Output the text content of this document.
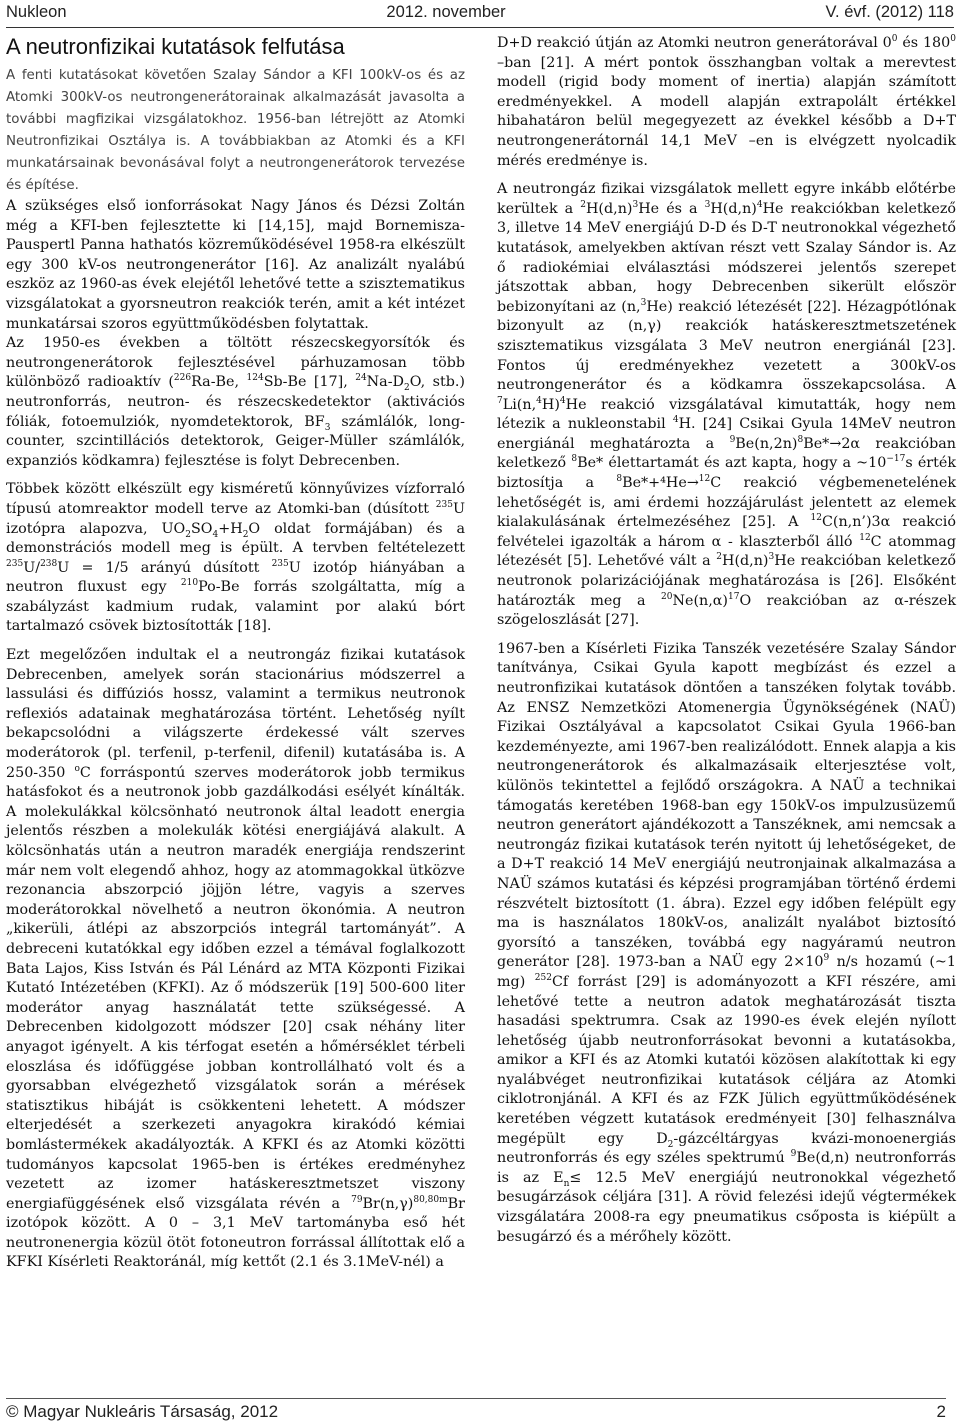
Nukleon	2012. november	V. évf. (2012) 118
A neutronfizikai kutatások felfutása

A fenti kutatásokat követően Szalay Sándor a KFI 100kV-os és az Atomki 300kV-os neutrongenerátorainak alkalmazását javasolta a további magfizikai vizsgálatokhoz. 1956-ban létrejött az Atomki Neutronfizikai Osztálya is. A továbbiakban az Atomki és a KFI munkatársainak bevonásával folyt a neutrongenerátorok tervezése és építése.

A szükséges első ionforrásokat Nagy János és Dézsi Zoltán még a KFI-ben fejlesztette ki [14,15], majd Bornemisza-Pauspertl Panna hathatós közreműködésével 1958-ra elkészült egy 300 kV-os neutrongenerátor [16]. Az analizált nyalábú eszköz az 1960-as évek elejétől lehetővé tette a szisztematikus vizsgálatokat a gyorsneutron reakciók terén, amit a két intézet munkatársai szoros együttműködésben folytattak.

Az 1950-es években a töltött részecskegyorsítók és neutrongenerátorok fejlesztésével párhuzamosan több különböző radioaktív ($^{226}$Ra-Be, $^{124}$Sb-Be [17], $^{24}Na-D_2O$, stb.) neutronforrás, neutron- és részecskedetektor (aktivációs fóliák, fotoemulziók, nyomdetektorok, $BF_3$ számlálók, long-counter, szcintillációs detektorok, Geiger-Müller számlálók, expanziós ködkamra) fejlesztése is folyt Debrecenben.

Többek között elkészült egy kisméretű könnyűvizes vízforraló típusú atomreaktor modell terve az Atomki-ban (dúsított $^{235}$U izotópra alapozva, $UO_2SO_4+H_2O$ oldat formájában) és a demonstrációs modell meg is épült. A tervben feltételezett $^{235}$U/$^{238}$U = 1/5 arányú dúsított $^{235}$U izotóp hiányában a neutron fluxust egy $^{210}$Po-Be forrás szolgáltatta, míg a szabályzást kadmium rudak, valamint por alakú bórt tartalmazó csövek biztosították [18].

Ezt megelőzően indultak el a neutrongáz fizikai kutatások Debrecenben, amelyek során stacionárius módszerrel a lassulási és diffúziós hossz, valamint a termikus neutronok reflexiós adatainak meghatározása történt. Lehetőség nyílt bekapcsolódni a világszerte érdekessé vált szerves moderátorok (pl. terfenil, p-terfenil, difenil) kutatásába is. A 250-350 $^o$C forráspontú szerves moderátorok jobb termikus hatásfokot és a neutronok jobb gazdálkodási esélyét kínálták. A molekulákkal kölcsönható neutronok által leadott energia jelentős részben a molekulák kötési energiájává alakult. A kölcsönhatás után a neutron maradék energiája rendszerint már nem volt elegendő ahhoz, hogy az atommagokkal ütközve rezonancia abszorpció jöjjön létre, vagyis a szerves moderátorokkal növelhető a neutron ökonómia. A neutron „kikerüli, átlépi az abszorpciós integrál tartományát”. A debreceni kutatókkal egy időben ezzel a témával foglalkozott Bata Lajos, Kiss István és Pál Lénárd az MTA Központi Fizikai Kutató Intézetében (KFKI). Az ő módszerük [19] 500-600 liter moderátor anyag használatát tette szükségessé. A Debrecenben kidolgozott módszer [20] csak néhány liter anyagot igényelt. A kis térfogat esetén a hőmérséklet térbeli eloszlása és időfüggése jobban kontrollálható volt és a gyorsabban elvégezhető vizsgálatok során a mérések statisztikus hibáját is csökkenteni lehetett. A módszer elterjedését a szerkezeti anyagokra kirakódó kémiai bomlástermékek akadályozták. A KFKI és az Atomki közötti tudományos kapcsolat 1965-ben is értékes eredményhez vezetett az izomer hatáskeresztmetszet viszony energiafüggésének első vizsgálata révén a $^{79}Br(n,\gamma)^{80,80m}Br$ izotópok között. A 0 – 3,1 MeV tartományba eső hét neutronenergia közül ötöt fotoneutron forrással állítottak elő a KFKI Kísérleti Reaktoránál, míg kettőt (2.1 és 3.1MeV-nél) a

D+D reakció útján az Atomki neutron generátorával $0^0$ és $180^0$ –ban [21]. A mért pontok összhangban voltak a merevtest modell (rigid body moment of inertia) alapján számított eredményekkel. A modell alapján extrapolált értékkel hibahatáron belül megegyezett az évekkel később a D+T neutrongenerátornál 14,1 MeV –en is elvégzett nyolcadik mérés eredménye is.

A neutrongáz fizikai vizsgálatok mellett egyre inkább előtérbe kerültek a $^2H(d,n)^3He$ és a $^3H(d,n)^4He$ reakciókban keletkező 3, illetve 14 MeV energiájú D-D és D-T neutronokkal végezhető kutatások, amelyekben aktívan részt vett Szalay Sándor is. Az ő radiokémiai elválasztási módszerei jelentős szerepet játszottak abban, hogy Debrecenben sikerült először bebizonyítani az (n,$^3$He) reakció létezését [22]. Hézagpótlónak bizonyult az (n,γ) reakciók hatáskeresztmetszetének szisztematikus vizsgálata 3 MeV neutron energiánál [23]. Fontos új eredményekhez vezetett a 300kV-os neutrongenerátor és a ködkamra összekapcsolása. A $^7Li(n,^4H)^4He$ reakció vizsgálatával kimutatták, hogy nem létezik a nukleonstabil $^4$H. [24] Csikai Gyula 14MeV neutron energiánál meghatározta a $^9Be(n,2n)^8Be*\to 2\alpha$ reakcióban keletkező $^8$Be* élettartamát és azt kapta, hogy a $\sim 10^{-17}s$ érték biztosítja a $^8$Be*+⁴He→$^{12}$C reakció végbemenetelének lehetőségét is, ami érdemi hozzájárulást jelentett az elemek kialakulásának értelmezéséhez [25]. A $^{12}$C(n,n’)3α reakció felvételei igazolták a három α - klaszterből álló $^{12}$C atommag létezését [5]. Lehetővé vált a $^2H(d,n)^3He$ reakcióban keletkező neutronok polarizációjának meghatározása is [26]. Elsőként határozták meg a $^{20}Ne(n,\alpha)^{17}O$ reakcióban az α-részek szögeloszlását [27].

1967-ben a Kísérleti Fizika Tanszék vezetésére Szalay Sándor tanítványa, Csikai Gyula kapott megbízást és ezzel a neutronfizikai kutatások döntően a tanszéken folytak tovább. Az ENSZ Nemzetközi Atomenergia Ügynökségének (NAÜ) Fizikai Osztályával a kapcsolatot Csikai Gyula 1966-ban kezdeményezte, ami 1967-ben realizálódott. Ennek alapja a kis neutrongenerátorok és alkalmazásaik elterjesztése volt, különös tekintettel a fejlődő országokra. A NAÜ a technikai támogatás keretében 1968-ban egy 150kV-os impulzusüzemű neutron generátort ajándékozott a Tanszéknek, ami nemcsak a neutrongáz fizikai kutatások terén nyitott új lehetőségeket, de a D+T reakció 14 MeV energiájú neutronjainak alkalmazása a NAÜ számos kutatási és képzési programjában történő érdemi részvételt biztosított (1. ábra). Ezzel egy időben felépült egy ma is használatos 180kV-os, analizált nyalábot biztosító gyorsító a tanszéken, továbbá egy nagyáramú neutron generátor [28]. 1973-ban a NAÜ egy $2\times 10^9$ n/s hozamú (~1 mg) $^{252}$Cf forrást [29] is adományozott a KFI részére, ami lehetővé tette a neutron adatok meghatározását tiszta hasadási spektrumra. Csak az 1990-es évek elején nyílott lehetőség újabb neutronforrásokat bevonni a kutatásokba, amikor a KFI és az Atomki kutatói közösen alakítottak ki egy nyalábvéget neutronfizikai kutatások céljára az Atomki ciklotronjánál. A KFI és az FZK Jülich együttműködésének keretében végzett kutatások eredményeit [30] felhasználva megépült egy $D_2$-gázcéltárgyas kvázi-monoenergiás neutronforrás és egy széles spektrumú $^9$Be(d,n) neutronforrás is az $E_n\le 12.5$ MeV energiájú neutronokkal végezhető besugárzások céljára [31]. A rövid felezési idejű végtermékek vizsgálatára 2008-ra egy pneumatikus csőposta is kiépült a besugárzó és a mérőhely között.

© Magyar Nukleáris Társaság, 2012	2
